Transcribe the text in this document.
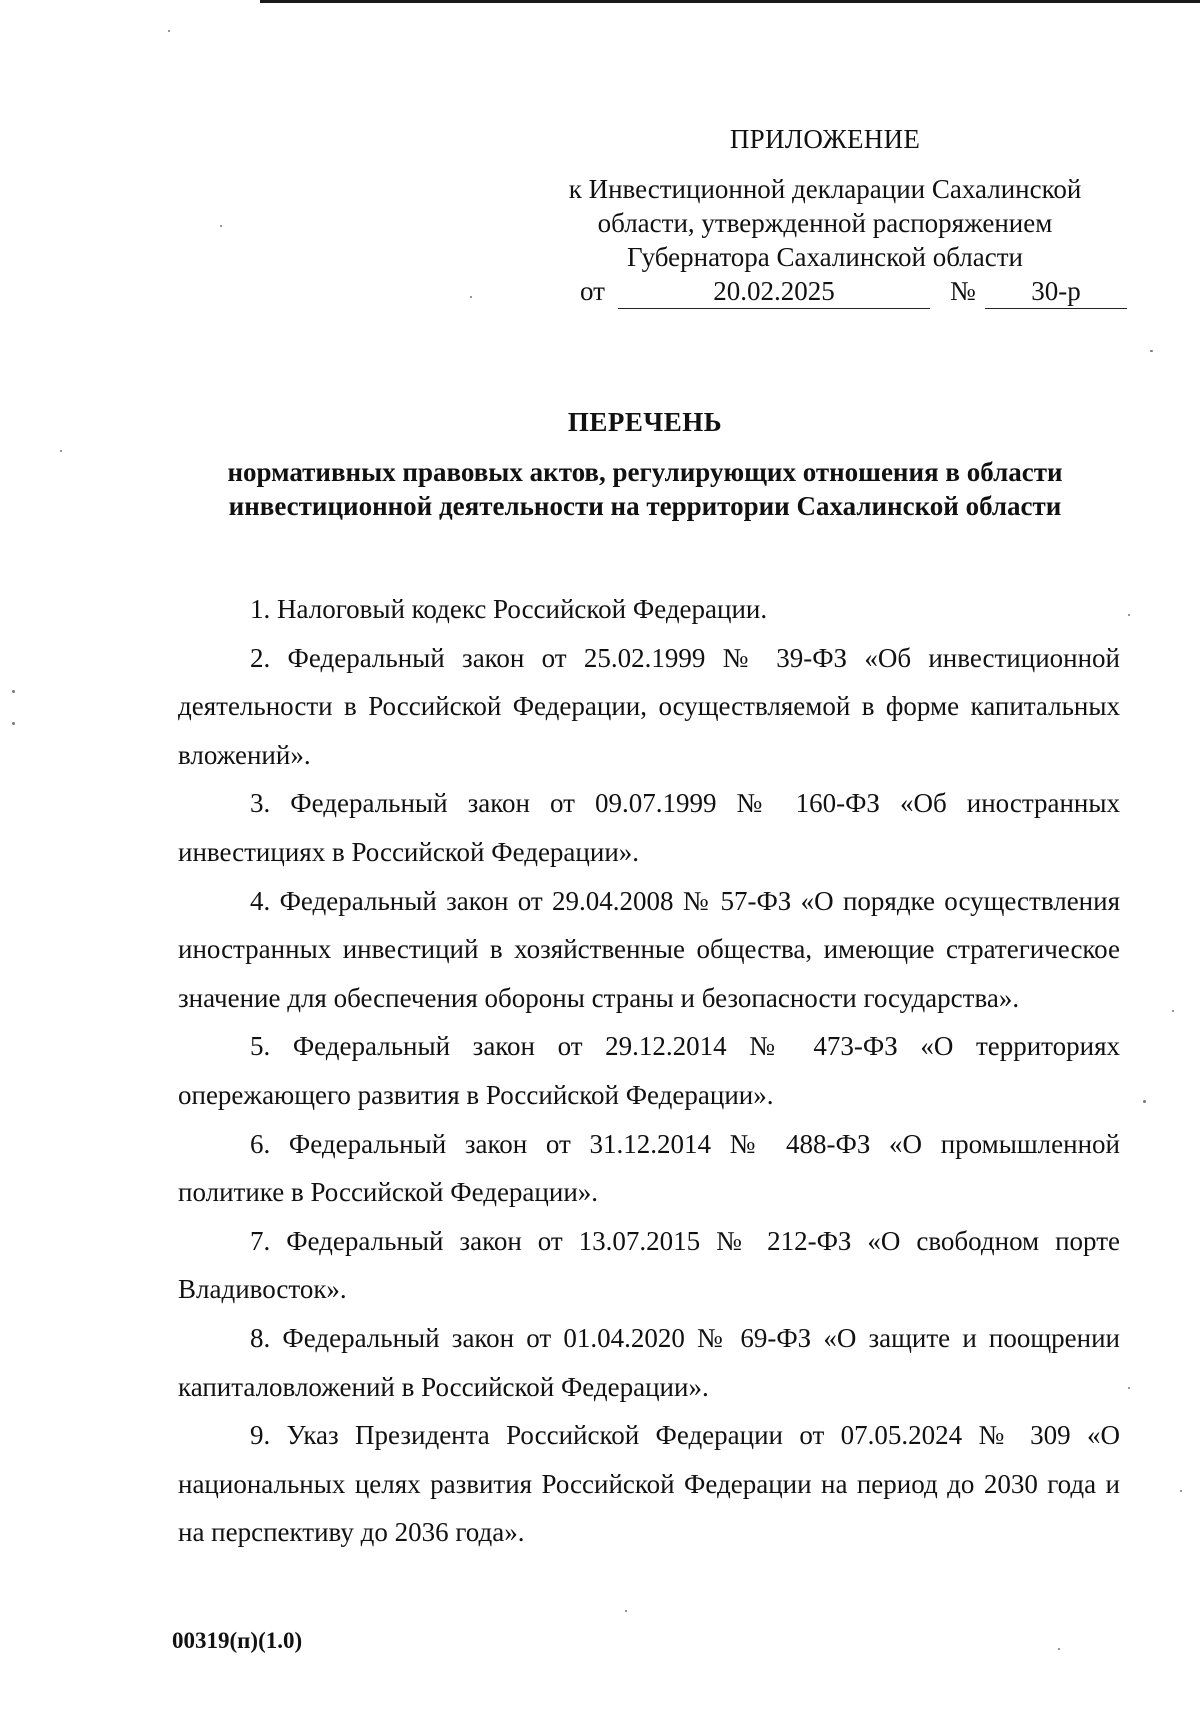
ПРИЛОЖЕНИЕ
к Инвестиционной декларации Сахалинской
области, утвержденной распоряжением
Губернатора Сахалинской области
от	20.02.2025	№	30-р
ПЕРЕЧЕНЬ
нормативных правовых актов, регулирующих отношения в области
инвестиционной деятельности на территории Сахалинской области

1. Налоговый кодекс Российской Федерации.

2. Федеральный закон от 25.02.1999 № 39-ФЗ «Об инвестиционной деятельности в Российской Федерации, осуществляемой в форме капитальных вложений».

3. Федеральный закон от 09.07.1999 № 160-ФЗ «Об иностранных инвестициях в Российской Федерации».

4. Федеральный закон от 29.04.2008 № 57-ФЗ «О порядке осуществления иностранных инвестиций в хозяйственные общества, имеющие стратегическое значение для обеспечения обороны страны и безопасности государства».

5. Федеральный закон от 29.12.2014 № 473-ФЗ «О территориях опережающего развития в Российской Федерации».

6. Федеральный закон от 31.12.2014 № 488-ФЗ «О промышленной политике в Российской Федерации».

7. Федеральный закон от 13.07.2015 № 212-ФЗ «О свободном порте Владивосток».

8. Федеральный закон от 01.04.2020 № 69-ФЗ «О защите и поощрении капиталовложений в Российской Федерации».

9. Указ Президента Российской Федерации от 07.05.2024 № 309 «О национальных целях развития Российской Федерации на период до 2030 года и на перспективу до 2036 года».

00319(п)(1.0)
